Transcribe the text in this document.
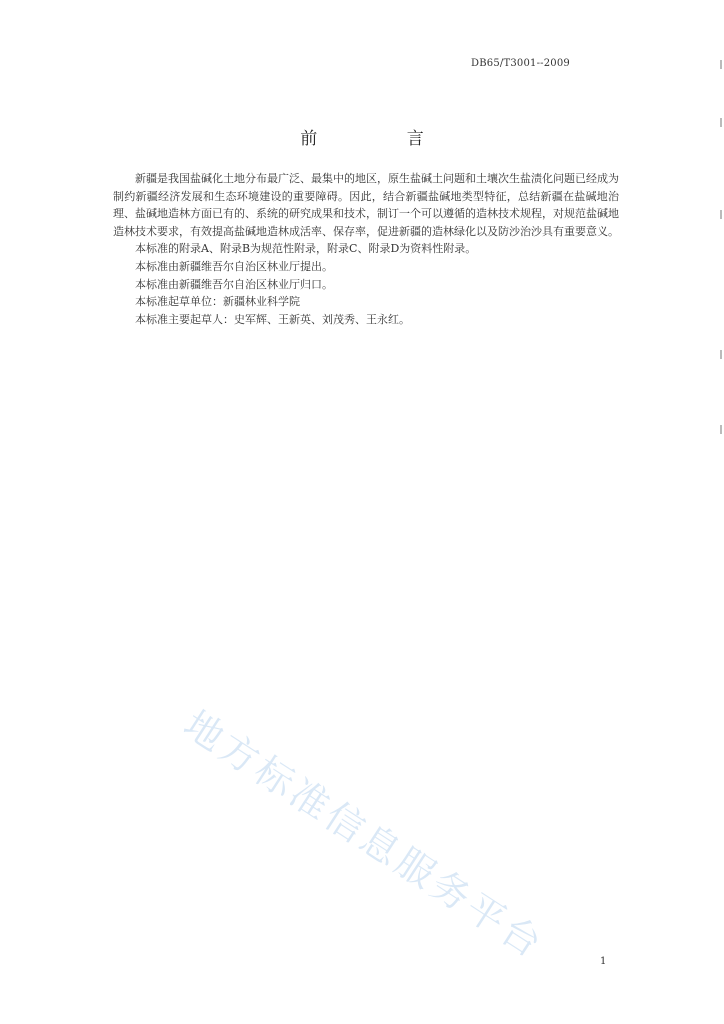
DB65/T3001--2009
前 言

新疆是我国盐碱化土地分布最广泛、最集中的地区，原生盐碱土问题和土壤次生盐渍化问题已经成为制约新疆经济发展和生态环境建设的重要障碍。因此，结合新疆盐碱地类型特征，总结新疆在盐碱地治理、盐碱地造林方面已有的、系统的研究成果和技术，制订一个可以遵循的造林技术规程，对规范盐碱地造林技术要求，有效提高盐碱地造林成活率、保存率，促进新疆的造林绿化以及防沙治沙具有重要意义。

本标准的附录A、附录B为规范性附录，附录C、附录D为资料性附录。

本标准由新疆维吾尔自治区林业厅提出。

本标准由新疆维吾尔自治区林业厅归口。

本标准起草单位：新疆林业科学院

本标准主要起草人：史军辉、王新英、刘茂秀、王永红。

地方标准信息服务平台	1
